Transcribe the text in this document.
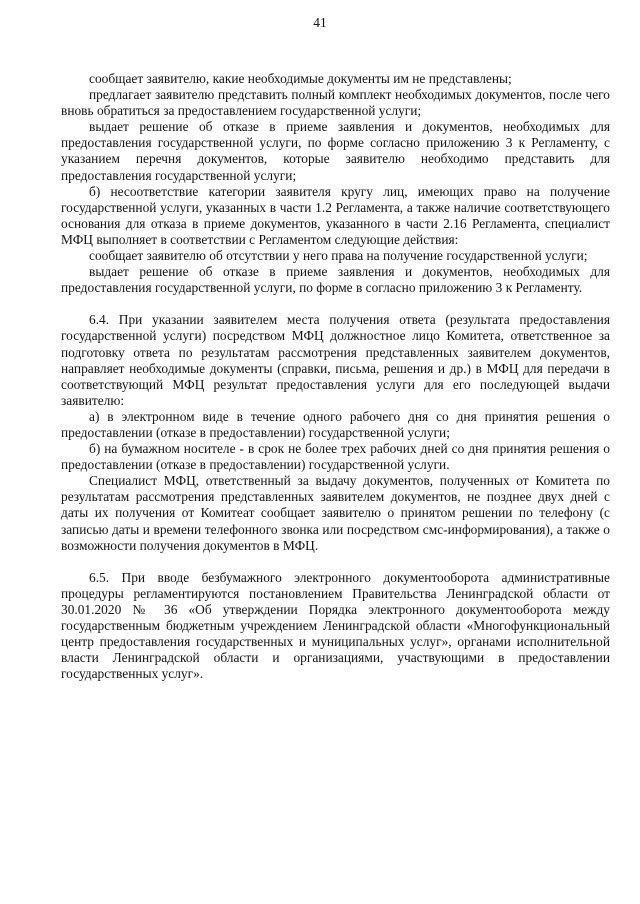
41

сообщает заявителю, какие необходимые документы им не представлены;

предлагает заявителю представить полный комплект необходимых документов, после чего вновь обратиться за предоставлением государственной услуги;

выдает решение об отказе в приеме заявления и документов, необходимых для предоставления государственной услуги, по форме согласно приложению 3 к Регламенту, с указанием перечня документов, которые заявителю необходимо представить для предоставления государственной услуги;

б) несоответствие категории заявителя кругу лиц, имеющих право на получение государственной услуги, указанных в части 1.2 Регламента, а также наличие соответствующего основания для отказа в приеме документов, указанного в части 2.16 Регламента, специалист МФЦ выполняет в соответствии с Регламентом следующие действия:

сообщает заявителю об отсутствии у него права на получение государственной услуги;

выдает решение об отказе в приеме заявления и документов, необходимых для предоставления государственной услуги, по форме в согласно приложению 3 к Регламенту.

6.4. При указании заявителем места получения ответа (результата предоставления государственной услуги) посредством МФЦ должностное лицо Комитета, ответственное за подготовку ответа по результатам рассмотрения представленных заявителем документов, направляет необходимые документы (справки, письма, решения и др.) в МФЦ для передачи в соответствующий МФЦ результат предоставления услуги для его последующей выдачи заявителю:

а) в электронном виде в течение одного рабочего дня со дня принятия решения о предоставлении (отказе в предоставлении) государственной услуги;

б) на бумажном носителе - в срок не более трех рабочих дней со дня принятия решения о предоставлении (отказе в предоставлении) государственной услуги.

Специалист МФЦ, ответственный за выдачу документов, полученных от Комитета по результатам рассмотрения представленных заявителем документов, не позднее двух дней с даты их получения от Комитеат сообщает заявителю о принятом решении по телефону (с записью даты и времени телефонного звонка или посредством смс-информирования), а также о возможности получения документов в МФЦ.

6.5. При вводе безбумажного электронного документооборота административные процедуры регламентируются постановлением Правительства Ленинградской области от 30.01.2020 № 36 «Об утверждении Порядка электронного документооборота между государственным бюджетным учреждением Ленинградской области «Многофункциональный центр предоставления государственных и муниципальных услуг», органами исполнительной власти Ленинградской области и организациями, участвующими в предоставлении государственных услуг».
